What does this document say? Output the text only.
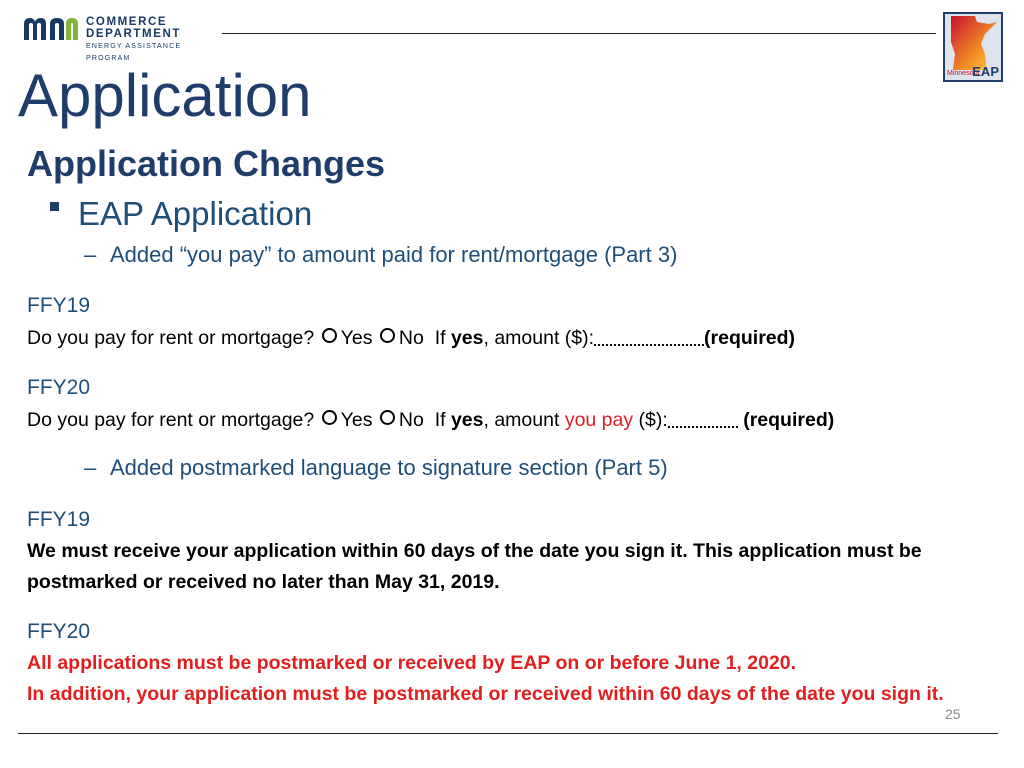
COMMERCE
DEPARTMENT
ENERGY ASSISTANCE PROGRAM
Minnesota
EAP
Application
Application Changes
EAP Application
– Added “you pay” to amount paid for rent/mortgage (Part 3)
FFY19
Do you pay for rent or mortgage? Yes No If yes, amount ($):	(required)
FFY20
Do you pay for rent or mortgage? Yes No If yes, amount you pay ($):	(required)
– Added postmarked language to signature section (Part 5)
FFY19
We must receive your application within 60 days of the date you sign it. This application must be postmarked or received no later than May 31, 2019.
FFY20
All applications must be postmarked or received by EAP on or before June 1, 2020.
In addition, your application must be postmarked or received within 60 days of the date you sign it.
25
